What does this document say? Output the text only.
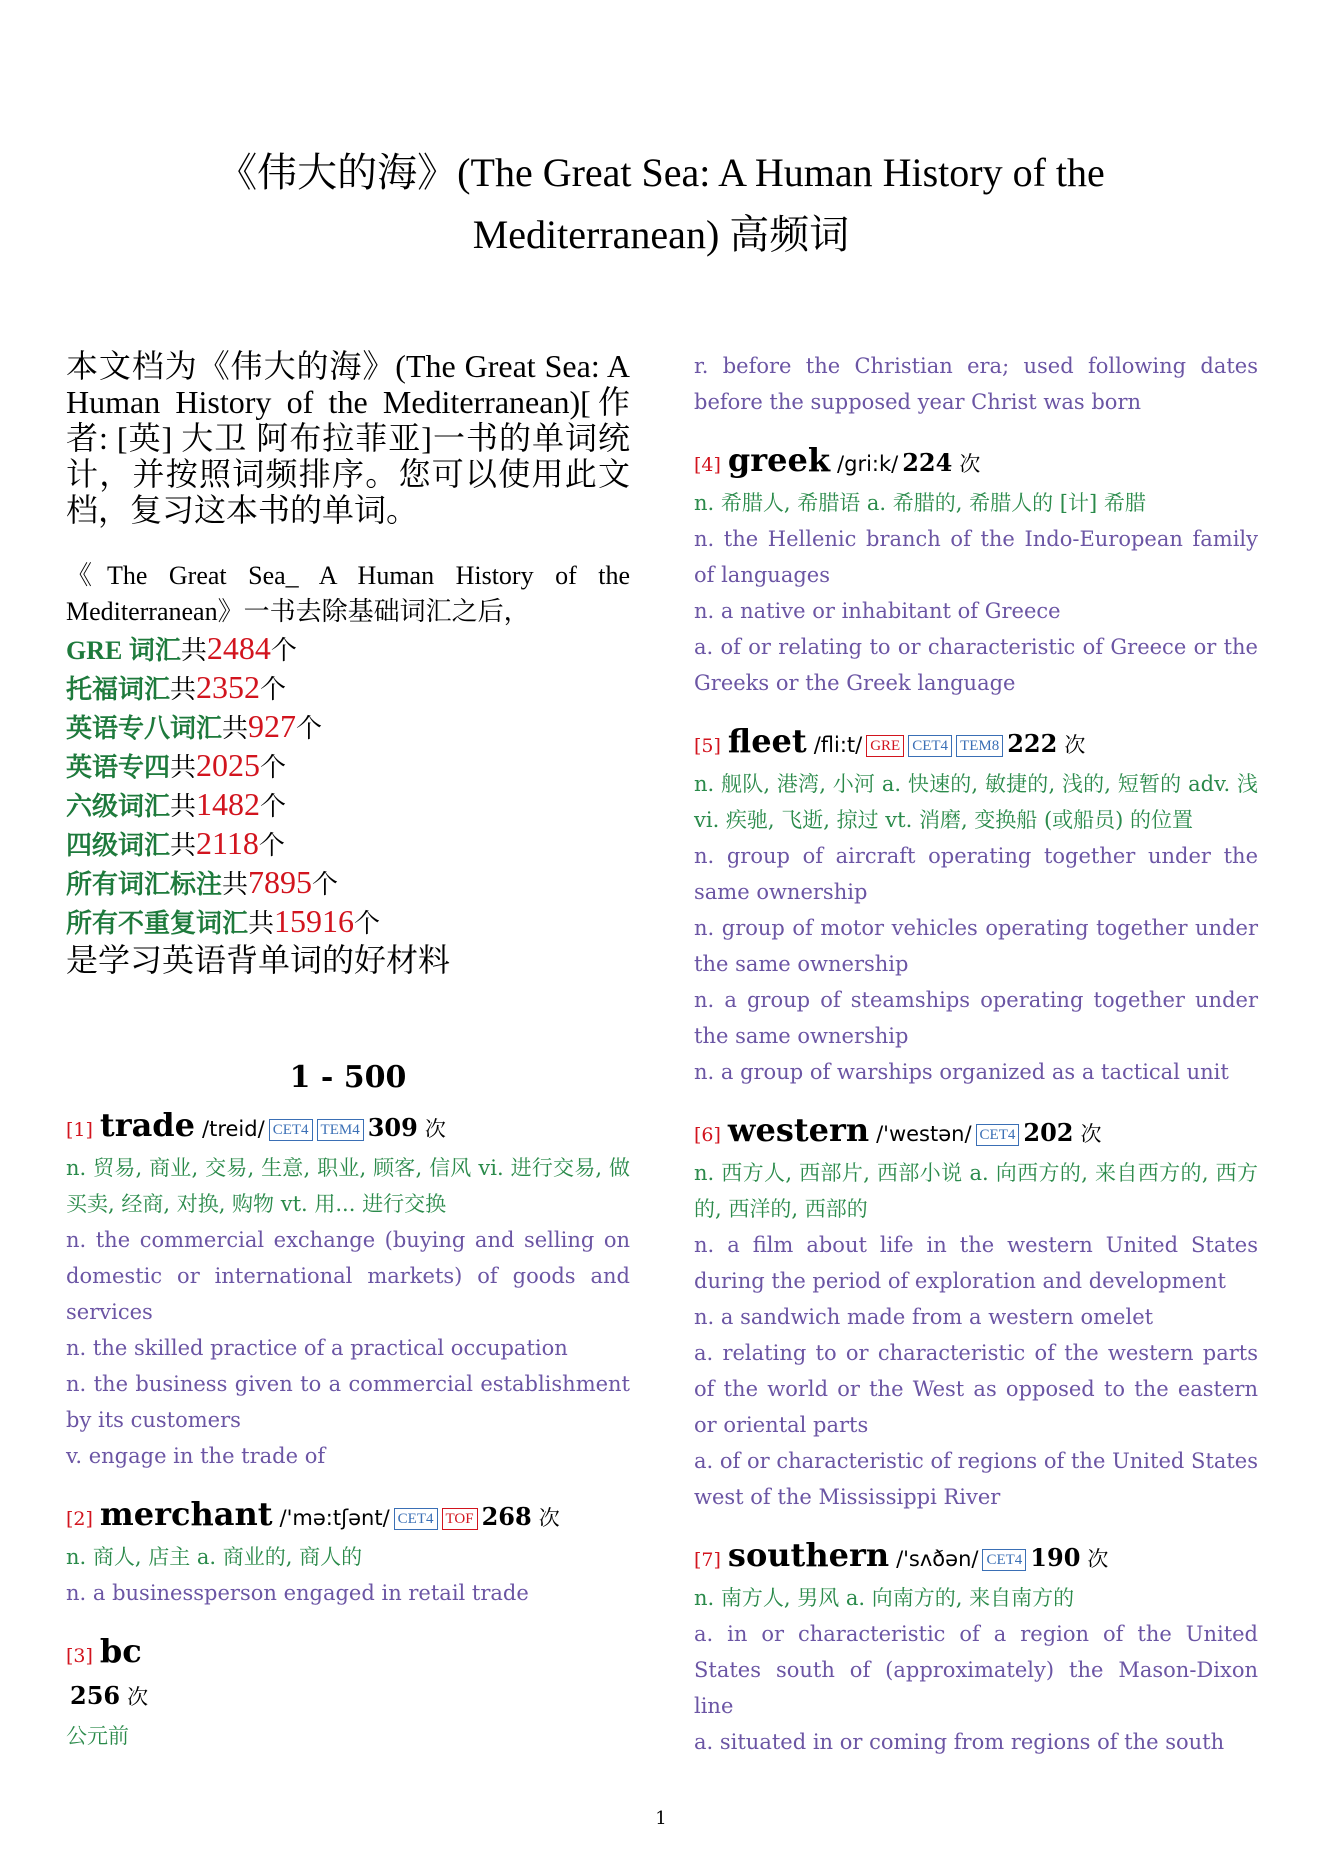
《伟大的海》(The Great Sea: A Human History of the
Mediterranean) 高频词
本文档为《伟大的海》(The Great Sea: A Human History of the Mediterranean)[作者: [英] 大卫 阿布拉菲亚]一书的单词统计，并按照词频排序。您可以使用此文档，复习这本书的单词。
《The Great Sea_ A Human History of the Mediterranean》一书去除基础词汇之后，
GRE 词汇共2484个
托福词汇共2352个
英语专八词汇共927个
英语专四共2025个
六级词汇共1482个
四级词汇共2118个
所有词汇标注共7895个
所有不重复词汇共15916个
是学习英语背单词的好材料
1 - 500
[1] trade /treid/ CET4 TEM4 309 次
n. 贸易, 商业, 交易, 生意, 职业, 顾客, 信风 vi. 进行交易, 做买卖, 经商, 对换, 购物 vt. 用... 进行交换
n. the commercial exchange (buying and selling on domestic or international markets) of goods and services
n. the skilled practice of a practical occupation
n. the business given to a commercial establishment by its customers
v. engage in the trade of
[2] merchant /'mə:tʃənt/ CET4 TOF 268 次
n. 商人, 店主 a. 商业的, 商人的
n. a businessperson engaged in retail trade
[3] bc
256 次
公元前
r. before the Christian era; used following dates before the supposed year Christ was born
[4] greek /gri:k/ 224 次
n. 希腊人, 希腊语 a. 希腊的, 希腊人的 [计] 希腊
n. the Hellenic branch of the Indo-European family of languages
n. a native or inhabitant of Greece
a. of or relating to or characteristic of Greece or the Greeks or the Greek language
[5] fleet /fli:t/ GRE CET4 TEM8 222 次
n. 舰队, 港湾, 小河 a. 快速的, 敏捷的, 浅的, 短暂的 adv. 浅 vi. 疾驰, 飞逝, 掠过 vt. 消磨, 变换船 (或船员) 的位置
n. group of aircraft operating together under the same ownership
n. group of motor vehicles operating together under the same ownership
n. a group of steamships operating together under the same ownership
n. a group of warships organized as a tactical unit
[6] western /'westən/ CET4 202 次
n. 西方人, 西部片, 西部小说 a. 向西方的, 来自西方的, 西方的, 西洋的, 西部的
n. a film about life in the western United States during the period of exploration and development
n. a sandwich made from a western omelet
a. relating to or characteristic of the western parts of the world or the West as opposed to the eastern or oriental parts
a. of or characteristic of regions of the United States west of the Mississippi River
[7] southern /'sʌðən/ CET4 190 次
n. 南方人, 男风 a. 向南方的, 来自南方的
a. in or characteristic of a region of the United States south of (approximately) the Mason-Dixon line
a. situated in or coming from regions of the south
1
